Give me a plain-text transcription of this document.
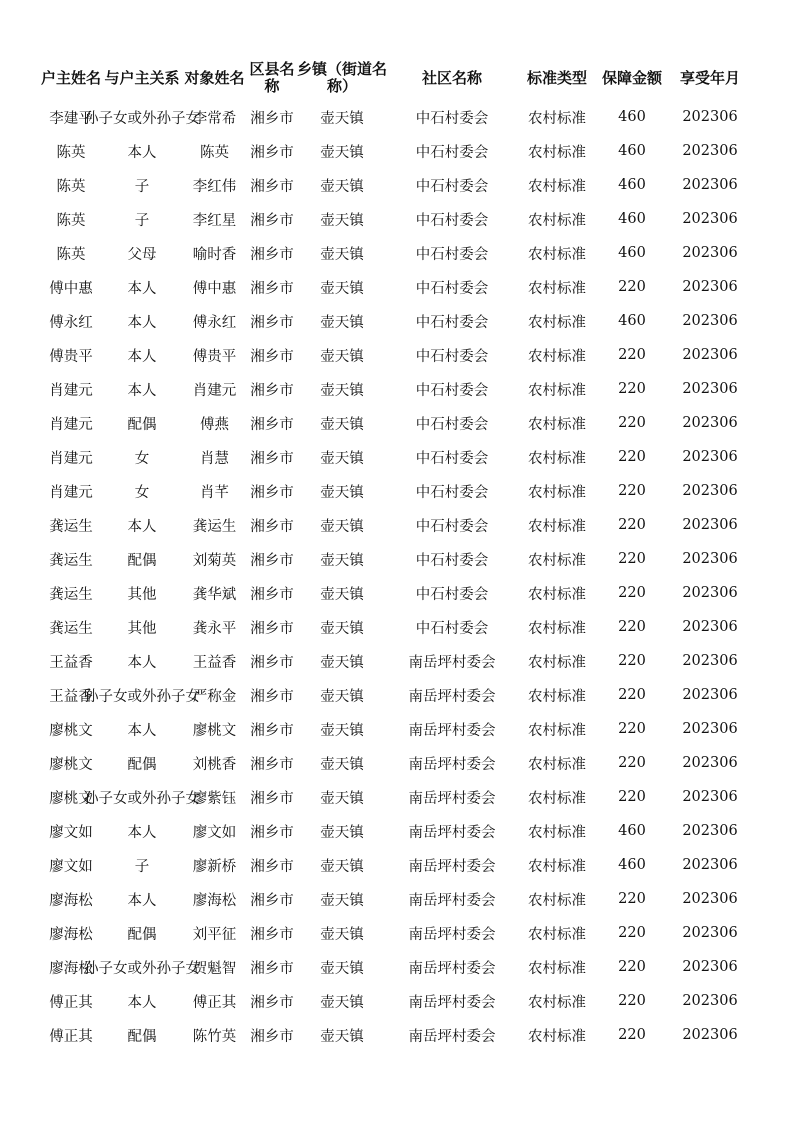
户主姓名	与户主关系	对象姓名	区县名称	乡镇（街道名称）	社区名称	标准类型	保障金额	享受年月
李建平	孙子女或外孙子女	李常希	湘乡市	壶天镇	中石村委会	农村标准	460	202306
陈英	本人	陈英	湘乡市	壶天镇	中石村委会	农村标准	460	202306
陈英	子	李红伟	湘乡市	壶天镇	中石村委会	农村标准	460	202306
陈英	子	李红星	湘乡市	壶天镇	中石村委会	农村标准	460	202306
陈英	父母	喻时香	湘乡市	壶天镇	中石村委会	农村标准	460	202306
傅中惠	本人	傅中惠	湘乡市	壶天镇	中石村委会	农村标准	220	202306
傅永红	本人	傅永红	湘乡市	壶天镇	中石村委会	农村标准	460	202306
傅贵平	本人	傅贵平	湘乡市	壶天镇	中石村委会	农村标准	220	202306
肖建元	本人	肖建元	湘乡市	壶天镇	中石村委会	农村标准	220	202306
肖建元	配偶	傅燕	湘乡市	壶天镇	中石村委会	农村标准	220	202306
肖建元	女	肖慧	湘乡市	壶天镇	中石村委会	农村标准	220	202306
肖建元	女	肖芊	湘乡市	壶天镇	中石村委会	农村标准	220	202306
龚运生	本人	龚运生	湘乡市	壶天镇	中石村委会	农村标准	220	202306
龚运生	配偶	刘菊英	湘乡市	壶天镇	中石村委会	农村标准	220	202306
龚运生	其他	龚华斌	湘乡市	壶天镇	中石村委会	农村标准	220	202306
龚运生	其他	龚永平	湘乡市	壶天镇	中石村委会	农村标准	220	202306
王益香	本人	王益香	湘乡市	壶天镇	南岳坪村委会	农村标准	220	202306
王益香	孙子女或外孙子女	严称金	湘乡市	壶天镇	南岳坪村委会	农村标准	220	202306
廖桃文	本人	廖桃文	湘乡市	壶天镇	南岳坪村委会	农村标准	220	202306
廖桃文	配偶	刘桃香	湘乡市	壶天镇	南岳坪村委会	农村标准	220	202306
廖桃文	孙子女或外孙子女	廖紫钰	湘乡市	壶天镇	南岳坪村委会	农村标准	220	202306
廖文如	本人	廖文如	湘乡市	壶天镇	南岳坪村委会	农村标准	460	202306
廖文如	子	廖新桥	湘乡市	壶天镇	南岳坪村委会	农村标准	460	202306
廖海松	本人	廖海松	湘乡市	壶天镇	南岳坪村委会	农村标准	220	202306
廖海松	配偶	刘平征	湘乡市	壶天镇	南岳坪村委会	农村标准	220	202306
廖海松	孙子女或外孙子女	贺魁智	湘乡市	壶天镇	南岳坪村委会	农村标准	220	202306
傅正其	本人	傅正其	湘乡市	壶天镇	南岳坪村委会	农村标准	220	202306
傅正其	配偶	陈竹英	湘乡市	壶天镇	南岳坪村委会	农村标准	220	202306
